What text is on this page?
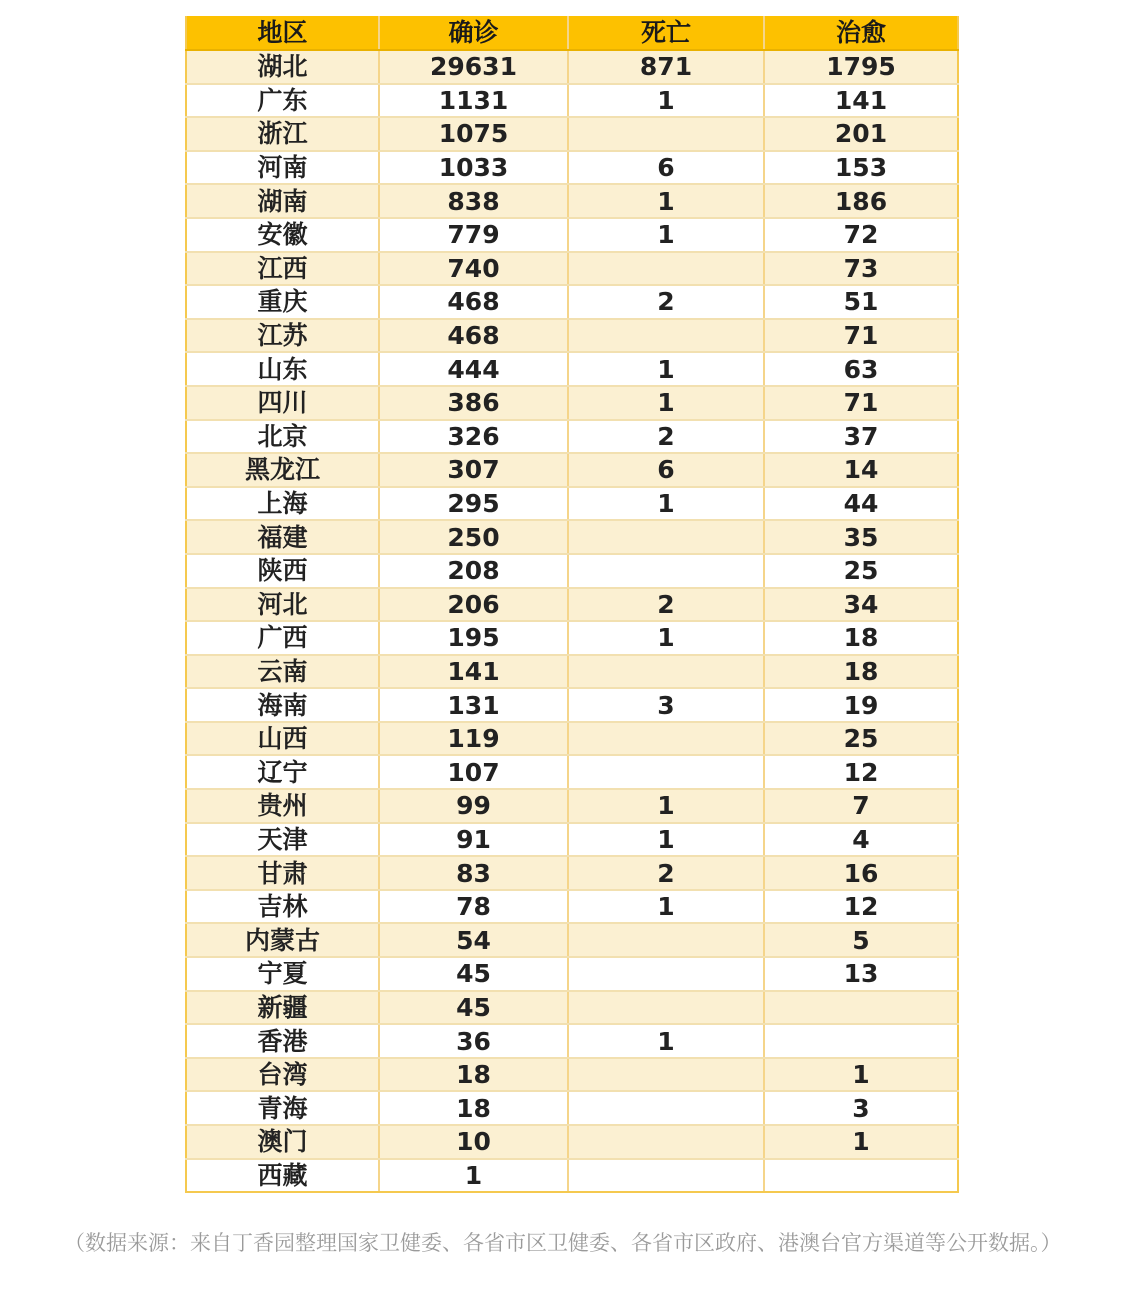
地区	确诊	死亡	治愈
湖北	29631	871	1795
广东	1131	1	141
浙江	1075		201
河南	1033	6	153
湖南	838	1	186
安徽	779	1	72
江西	740		73
重庆	468	2	51
江苏	468		71
山东	444	1	63
四川	386	1	71
北京	326	2	37
黑龙江	307	6	14
上海	295	1	44
福建	250		35
陕西	208		25
河北	206	2	34
广西	195	1	18
云南	141		18
海南	131	3	19
山西	119		25
辽宁	107		12
贵州	99	1	7
天津	91	1	4
甘肃	83	2	16
吉林	78	1	12
内蒙古	54		5
宁夏	45		13
新疆	45		
香港	36	1	
台湾	18		1
青海	18		3
澳门	10		1
西藏	1		
（数据来源：来自丁香园整理国家卫健委、各省市区卫健委、各省市区政府、港澳台官方渠道等公开数据。）
